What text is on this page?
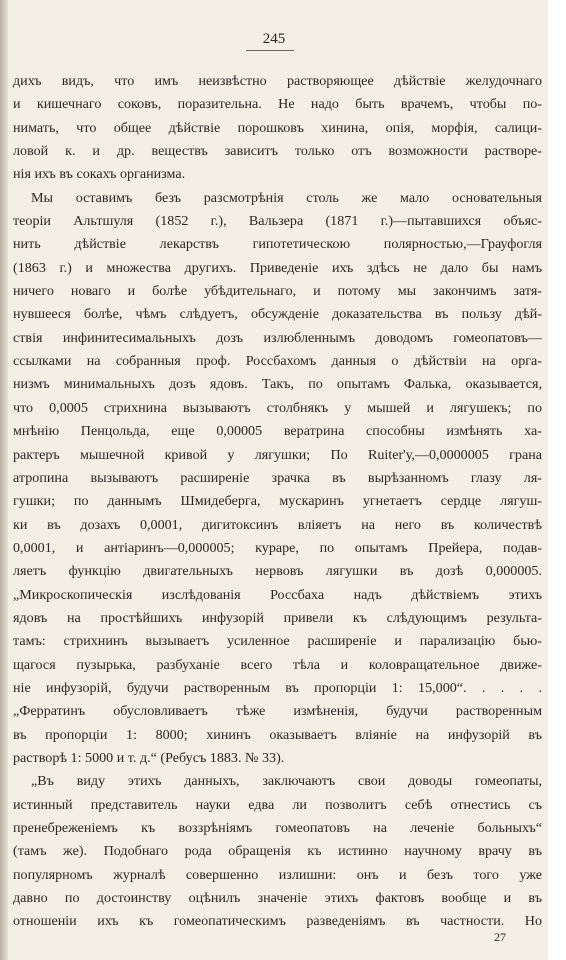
245
дихъ видъ, что имъ неизвѣстно растворяющее дѣйствіе желудочнаго
и кишечнаго соковъ, поразительна. Не надо быть врачемъ, чтобы по-
нимать, что общее дѣйствіе порошковъ хинина, опія, морфія, салици-
ловой к. и др. веществъ зависитъ только отъ возможности растворе-
нія ихъ въ сокахъ организма.
Мы оставимъ безъ разсмотрѣнія столь же мало основательныя
теоріи Альтшуля (1852 г.), Вальзера (1871 г.)—пытавшихся объяс-
нить дѣйствіе лекарствъ гипотетическою полярностью,—Грауфогля
(1863 г.) и множества другихъ. Приведеніе ихъ здѣсь не дало бы намъ
ничего новаго и болѣе убѣдительнаго, и потому мы закончимъ затя-
нувшееся болѣе, чѣмъ слѣдуетъ, обсужденіе доказательства въ пользу дѣй-
ствія инфинитесимальныхъ дозъ излюбленнымъ доводомъ гомеопатовъ—
ссылками на собранныя проф. Россбахомъ данныя о дѣйствіи на орга-
низмъ минимальныхъ дозъ ядовъ. Такъ, по опытамъ Фалька, оказывается,
что 0,0005 стрихнина вызываютъ столбнякъ у мышей и лягушекъ; по
мнѣнію Пенцольда, еще 0,00005 вератрина способны измѣнять ха-
рактеръ мышечной кривой у лягушки; По Ruiter'у,—0,0000005 грана
атропина вызываютъ расширеніе зрачка въ вырѣзанномъ глазу ля-
гушки; по даннымъ Шмидеберга, мускаринъ угнетаетъ сердце лягуш-
ки въ дозахъ 0,0001, дигитоксинъ вліяетъ на него въ количествѣ
0,0001, и антіаринъ—0,000005; кураре, по опытамъ Прейера, подав-
ляетъ функцію двигательныхъ нервовъ лягушки въ дозѣ 0,000005.
„Микроскопическія изслѣдованія Россбаха надъ дѣйствіемъ этихъ
ядовъ на простѣйшихъ инфузорій привели къ слѣдующимъ результа-
тамъ: стрихнинъ вызываетъ усиленное расширеніе и парализацію бью-
щагося пузырька, разбуханіе всего тѣла и коловращательное движе-
ніе инфузорій, будучи растворенным въ пропорціи 1: 15,000“. . . . .
„Ферратинъ обусловливаетъ тѣже измѣненія, будучи растворенным
въ пропорціи 1: 8000; хининъ оказываетъ вліяніе на инфузорій въ
растворѣ 1: 5000 и т. д.“ (Ребусъ 1883. № 33).
„Въ виду этихъ данныхъ, заключаютъ свои доводы гомеопаты,
истинный представитель науки едва ли позволитъ себѣ отнестись съ
пренебреженіемъ къ воззрѣніямъ гомеопатовъ на леченіе больныхъ“
(тамъ же). Подобнаго рода обращенія къ истинно научному врачу въ
популярномъ журналѣ совершенно излишни: онъ и безъ того уже
давно по достоинству оцѣнилъ значеніе этихъ фактовъ вообще и въ
отношеніи ихъ къ гомеопатическимъ разведеніямъ въ частности. Но
27
